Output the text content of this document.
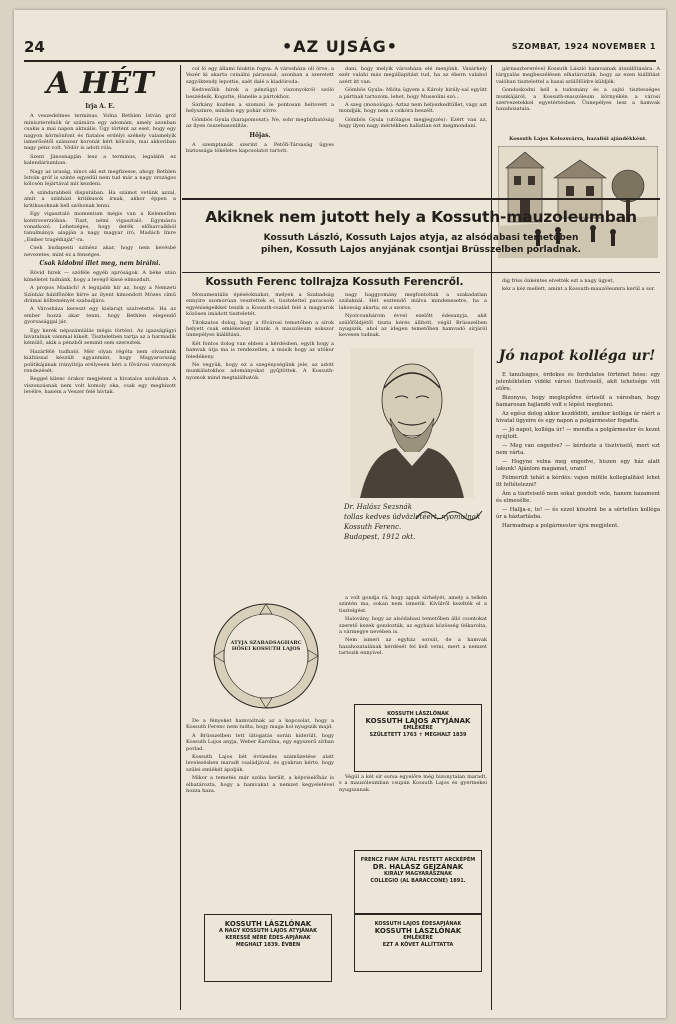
24	•AZ UJSÁG•	SZOMBAT, 1924 NOVEMBER 1
A HÉT
Irja A. E.

A veszedelmes terminus. Volna Bethlen István gróf miniszterelnök úr számára egy adomám, amely azonban csakis a mai napon aktuális. Úgy történt az eset, hogy egy nagyon körmönfont és fiatalos erdélyi székely valamelyik ismerősétől szánzesr koronát kért kölcsön, mai akkoriban nagy pénz volt. Vödör is adott róla.

Szent Jánosnapján lesz a terminus, legalább ez kalendáriumban.

Nagy az uraság, nincs aki ezt megfizesse, ahogy Bethlen István gróf is szinte egyedül nem tud már a nagy országos kölcsön lejártával mit kezdeni.

A szindarabbeli disputában. Ha számot vetünk azzal, amit a színházi kritikusok írnak, akkor éppen a kritikusoknak kell szóbonak lenni.

Egy vigasztaló momentum mégis van a Kelemellen kontroverzióban. Tiszt, némi vigasztaló. Egymásra vonatkozó. Lehetséges, hogy derék előharcaikból tanulmánya alapján a nagy magyar író, Madách Imre „Ember tragédiáját”-ra.

Cseh budapesti szinész akar, hogy nem kevésbé nevezetes, mint ez a fenséges.

Csak kidobni illet meg, nem birálni.

Rövid hirek — szóféle egyéb apróságok. A béke után kíméletet tudnánk, hogy a levegő kissé elmozdult.

A propos Madách! A legújabb hír az, hogy a Nemzeti Színház házifőnöke hírre az ilyent kimondott Mózes című drámai költeményét szabadjára.

A Városháza kereszt egy kislarajt szalvetette. Ha az ember hozzá akar tenni, hogy Bethlen elegendő gyorsasággal jár.

Egy kerek népszámlálás mégis történt. Az igazságügyi hivatalnak vámmal kikelt. Tiszteletben tartja az a harmadik kémülő, akik a pénzből semmit sem szereztek.

Hazárfélé tudható. Mér olyan régóta nem olvastunk kiáltással készült ugyanmint, hogy Magyarország politikájának irányítója erélyesen kéri a fővárosi viszonyok rendezését.

Reggel kilenc órakor megjelent a hivatalos szobában. A viszonzásnak nem volt komoly oka, csak egy megbízott levélre, hanem a Veszer felé hívtak.

col ló egy állami hiuktin fogva. A városháza oll örve, a Vezér ki akarta csinálni párasszal, azonban a szeretett szgyöktendy lepottie, saét dalé a kiadóiroda.

Kedvezőbb hírek a pénzügyi viszonyokról szóló beszédeik, Kogutte, Hanelle a pártokhoz.

Sárkány kozben a szomzsi le pontosan heltovett a helyszínre, minden egy pohár sörre.

Gömbös Gyula (harapomoszt): Ne, sohr megbízhatóság az ilyen összehasonlítás.

Hőjas.

A szemptanúk szerint a Petőfi-Társaság ügyes biztossága tökéletes kapcsolatot tartott.

dani, hogy melyik városháza elé menjünk. Vásárhely ezér valahi más megállapítást tud, ha az ébern valahol azért itt van.

Gömbös Gyula: Mióta ügyem a Károly király-sal együtt a pártnak tartozom, lehet, hogy Mussolini szó...

A szeg (monológa): Aztaz nem helyezkedtüllet, vagy azt mondják, hogy nem a csikóra beszélt.

Gömbös Gyula (utólagos megjegyzés): Ezért van az, hogy ilyen nagy mértékben hallatlan ezt megmondani.

gárnasztererével Kossuth László hamvainak átszállítására. A tárgyalás megbeszélésen elhatározták, hogy az ezen kiállítást valóban tisztelettel a hazai szülőföldre küldjék.

Gondoskodni kell a tudomány és a sajtó tisztességes munkájáról, a Kossuth-mauzóleum környékén a városi szervezetekkel egyetértésben. Ünnepélyes lesz a hamvak hazahozatala.

Kossuth Lajos Kolozsvárra, hazafiúi ajándékként.
Akiknek nem jutott hely a Kossuth-mauzoleumban
Kossuth László, Kossuth Lajos atyja, az alsódabasi temetőben
pihen, Kossuth Lajos anyjának csontjai Brüsszelben porladnak.
Kossuth Ferenc tollrajza Kossuth Ferencről.

Monumentális épéséoknakat, melyek a Szabadság ennyire szomorúan vesztettek el, tisztelettel paracsoló egyéniségeikkel teszik a Kossuth-család felé a magyarok közösen imádott tiszteletét.

Titokzatos dolog, hogy a fővárosi temetőben a sírok helyett csak emlékezést látunk. A mauzóleum sokszor ünnepélyes kiállítású.

Két fontos dolog van ebben a kérdésben, egyik hogy a hamvak útja ma is rendezetlen, a másik hogy az utókor feledékeny.

Ne vegyük, hogy ez a szegénységünk jele, az adott munkálatokhoz adományokat gyűjtöttek. A Kossuth-nyomok mind megtalálhatók.

nagy haggyomány megfontoltak a szakadatlan szálaknál. Hét esztendő múlva mindenesetre, ha a lakosság akarta, ez a szoros.

Nyolcvanhárom évvel ezelőtt édesanyja, akit szülőföldjétől tiszta kérés állított, végül Brüsszelben nyugszik, ahol az idegen temetőben hamvadó sírjáról kevesen tudnak.

Dr. Halász Sezsnák
tollas kedves üdvözletéért, nyomulnak Kossuth Ferenc.
Budapest, 1912 okt.

a volt gondja rá, hogy apjuk sírhelyét, amely a telkén szintén ma, sokan nem ismerik. Kívülről kezdték el a tisztelgést.

Halovány, hogy az alsódabasi temetőben álló csontokat szerető kezek gondozták, az egyházi közösség felkarolta, a vármegye nevében is.

Nem ismeri az egyház sorsát, de a hamvak hazahozatalának kérdését fel kell vetni, mert a nemzet tartozik ennyivel.

ATYJA SZABADSÁGHARC HŐSEI KOSSUTH LAJOS

De a fényeket hamvaitnak az a kopcsolat, hogy a Kossuth Ferenc nem tudta, hogy maga hol nyugszik majd.

A Brüsszelben tett látogatás során kiderült, hogy Kossuth Lajos anyja, Weber Karolina, egy egyszerű sírban porlad.

Kossuth Lajos hét évtizedes száműzetése alatt levelezésben maradt családjával, és gyakran kérte, hogy szülei emlékét ápolják.

Mikor a temetés már szóba került, a képviselőház is elhatározta, hogy a hamvakat a nemzet kegyeletével hozza haza.

KOSSUTH LÁSZLÓNAK
KOSSUTH LAJOS ATYJÁNAK
EMLÉKÉRE
SZÜLETETT 1763 ✝ MEGHALT 1839

Végül a két sír sorsa egyelőre még bizonytalan maradt, s a mauzóleumban csupán Kossuth Lajos és gyermekei nyugszanak.

FRENCZ FIAM ÁLTAL FESTETT ARCKÉPÉM
DR. HALÁSZ GEJZÁNAK
KIRÁLY MAGYARÁSZNAK
COLLEGIO (AL BARACCONE) 1891.
KOSSUTH LÁSZLÓNAK
A NAGY KOSSUTH LAJOS ATYJÁNAK
KERESSÉ NÉRE ÉDES-APJÁNAK
MEGHALT 1839. ÉVBEN
KOSSUTH LAJOS ÉDESAPJÁNAK
KOSSUTH LÁSZLÓNAK
EMLÉKÉRE
EZT A KÖVET ÁLLÍTTATTA

dig friss önkéntes elvették ezt a nagy ügyet,

kéz a kéz mellett, amint a Kossuth-mauzóleumra kerül a sor.

Jó napot kolléga ur!

E tanulságos, érdekes és fordulatos történet hőse: egy jelentéktelen vidéki városi tisztviselő, akit tehetsége vitt előre.

Bizonyos, hogy meglepődve értesül a városban, hogy hamarosan hajlandó volt e lépést megtenni.

Az egész dolog akkor kezdődött, amikor kolléga úr ráért a hivatal ügyeire és egy napon a polgármester fogadta.

— Jó napot, kolléga úr! — mondta a polgármester és kezet nyújtott.

— Meg van engedve? — kérdezte a tisztviselő, mert ezt nem várta.

— Hogyne volna meg engedve, hiszen egy ház alatt lakunk! Ajánlom magamat, uram!

Felmerült tehát a kérdés: vajon miféle kollegialitást lehet itt feltételezni?

Ám a tisztviselő nem sokat gondolt vele, hanem hazament és elmesélte.

— Hallja-e, te! — és ezzel köszönt be a sértetlen kolléga úr a háztartásba.

Harmadnap a polgármester újra megjelent.
